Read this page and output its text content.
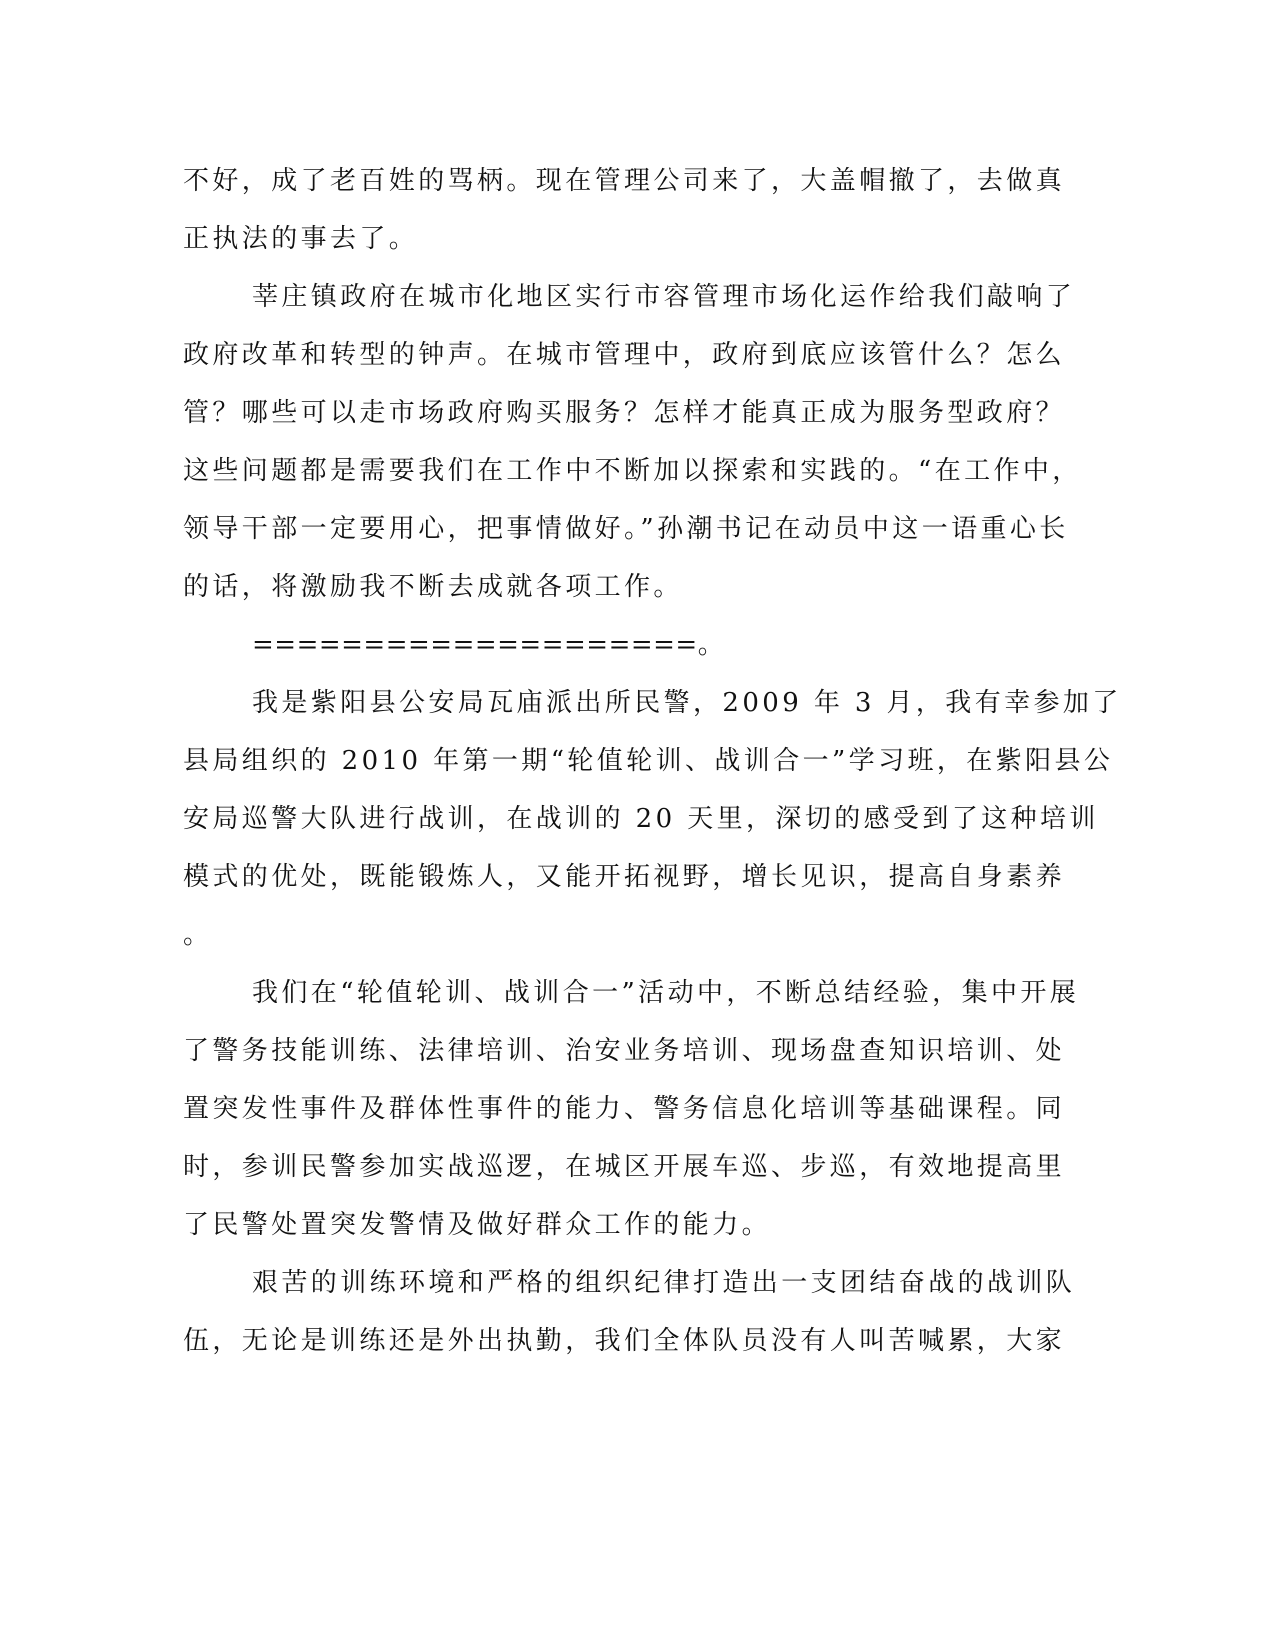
不好，成了老百姓的骂柄。现在管理公司来了，大盖帽撤了，去做真
正执法的事去了。
莘庄镇政府在城市化地区实行市容管理市场化运作给我们敲响了
政府改革和转型的钟声。在城市管理中，政府到底应该管什么？怎么
管？哪些可以走市场政府购买服务？怎样才能真正成为服务型政府？
这些问题都是需要我们在工作中不断加以探索和实践的。“在工作中，
领导干部一定要用心，把事情做好。”孙潮书记在动员中这一语重心长
的话，将激励我不断去成就各项工作。
====================。
我是紫阳县公安局瓦庙派出所民警，2009 年 3 月，我有幸参加了
县局组织的 2010 年第一期“轮值轮训、战训合一”学习班，在紫阳县公
安局巡警大队进行战训，在战训的 20 天里，深切的感受到了这种培训
模式的优处，既能锻炼人，又能开拓视野，增长见识，提高自身素养
。
我们在“轮值轮训、战训合一”活动中，不断总结经验，集中开展
了警务技能训练、法律培训、治安业务培训、现场盘查知识培训、处
置突发性事件及群体性事件的能力、警务信息化培训等基础课程。同
时，参训民警参加实战巡逻，在城区开展车巡、步巡，有效地提高里
了民警处置突发警情及做好群众工作的能力。
艰苦的训练环境和严格的组织纪律打造出一支团结奋战的战训队
伍，无论是训练还是外出执勤，我们全体队员没有人叫苦喊累，大家
